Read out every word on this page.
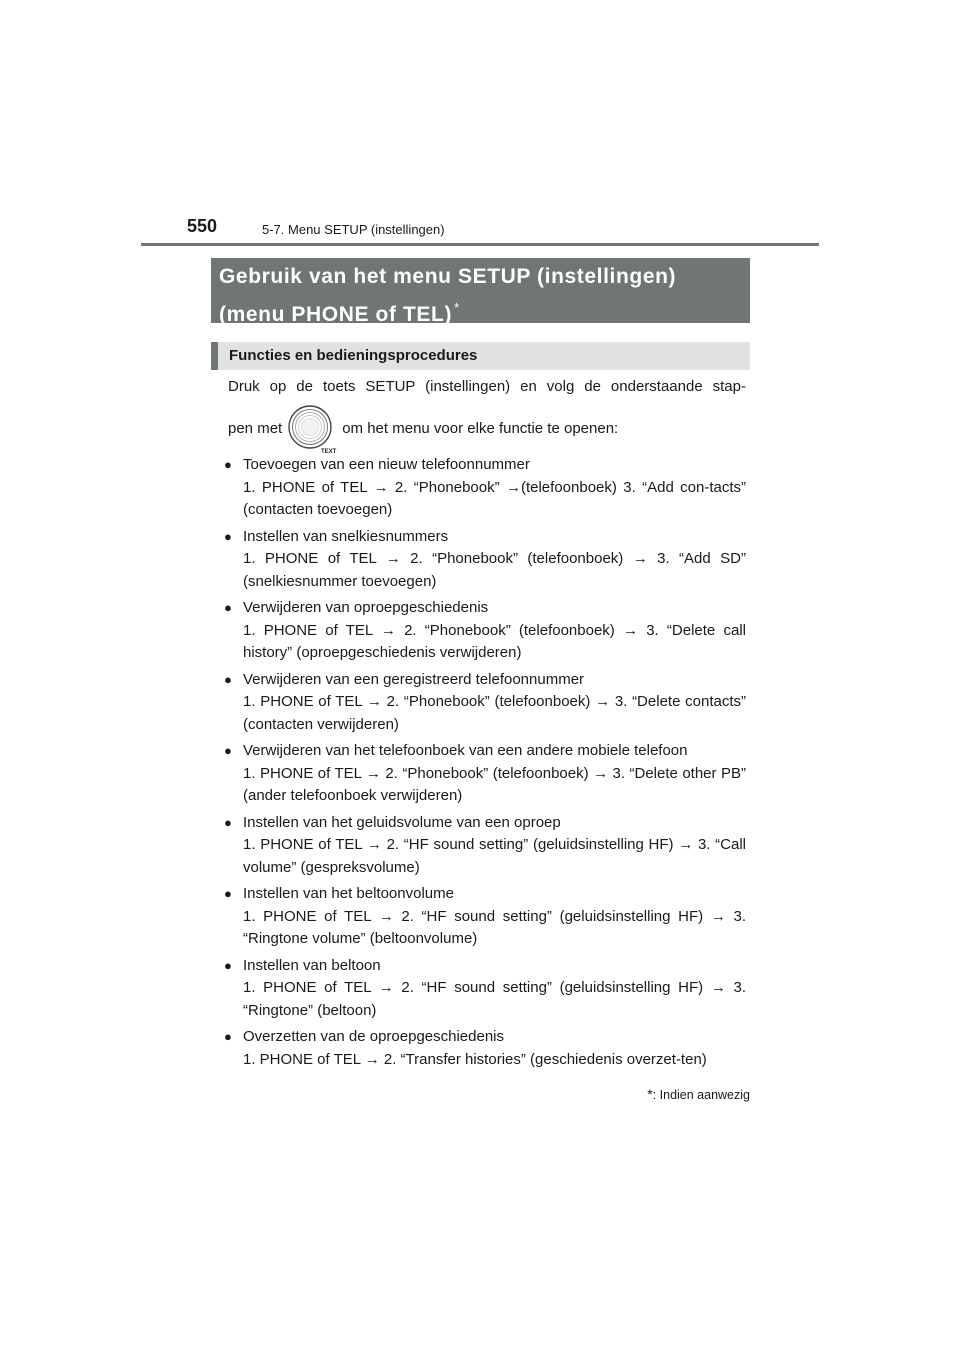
550	5-7. Menu SETUP (instellingen)
Gebruik van het menu SETUP (instellingen)
(menu PHONE of TEL) *
Functies en bedieningsprocedures
Druk op de toets SETUP (instellingen) en volg de onderstaande stap-
pen met
TEXT
om het menu voor elke functie te openen:
● Toevoegen van een nieuw telefoonnummer
1. PHONE of TEL → 2. “Phonebook” →(telefoonboek) 3. “Add con-tacts” (contacten toevoegen)
● Instellen van snelkiesnummers
1. PHONE of TEL → 2. “Phonebook” (telefoonboek) → 3. “Add SD” (snelkiesnummer toevoegen)
● Verwijderen van oproepgeschiedenis
1. PHONE of TEL → 2. “Phonebook” (telefoonboek) → 3. “Delete call history” (oproepgeschiedenis verwijderen)
● Verwijderen van een geregistreerd telefoonnummer
1. PHONE of TEL → 2. “Phonebook” (telefoonboek) → 3. “Delete contacts” (contacten verwijderen)
● Verwijderen van het telefoonboek van een andere mobiele telefoon
1. PHONE of TEL → 2. “Phonebook” (telefoonboek) → 3. “Delete other PB” (ander telefoonboek verwijderen)
● Instellen van het geluidsvolume van een oproep
1. PHONE of TEL → 2. “HF sound setting” (geluidsinstelling HF) → 3. “Call volume” (gespreksvolume)
● Instellen van het beltoonvolume
1. PHONE of TEL → 2. “HF sound setting” (geluidsinstelling HF) → 3. “Ringtone volume” (beltoonvolume)
● Instellen van beltoon
1. PHONE of TEL → 2. “HF sound setting” (geluidsinstelling HF) → 3. “Ringtone” (beltoon)
● Overzetten van de oproepgeschiedenis
1. PHONE of TEL → 2. “Transfer histories” (geschiedenis overzet-ten)
*: Indien aanwezig
